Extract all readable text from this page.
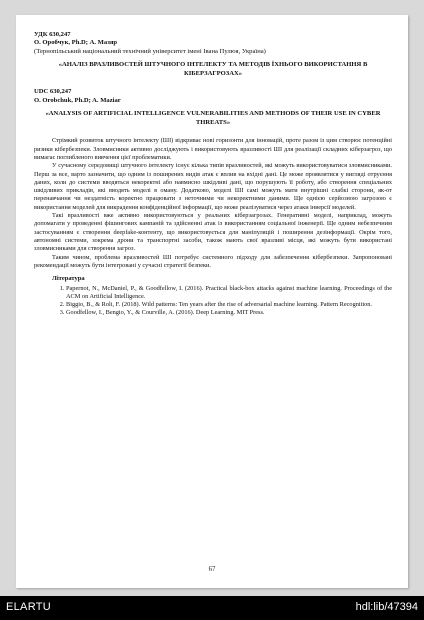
УДК 630,247
О. Оробчук, Ph.D; А. Мазяр
(Тернопільський національний технічний університет імені Івана Пулюя, Україна)
«АНАЛІЗ ВРАЗЛИВОСТЕЙ ШТУЧНОГО ІНТЕЛЕКТУ ТА МЕТОДІВ ЇХНЬОГО ВИКОРИСТАННЯ В КІБЕРЗАГРОЗАХ»
UDC 630,247
O. Orobchuk, Ph.D; A. Maziar
«ANALYSIS OF ARTIFICIAL INTELLIGENCE VULNERABILITIES AND METHODS OF THEIR USE IN CYBER THREATS»

Стрімкий розвиток штучного інтелекту (ШІ) відкриває нові горизонти для інновацій, проте разом із цим створює потенційні ризики кібербезпеки. Зловмисники активно досліджують і використовують вразливості ШІ для реалізації складних кіберзагроз, що вимагає поглибленого вивчення цієї проблематики.

У сучасному середовищі штучного інтелекту існує кілька типів вразливостей, які можуть використовуватися зловмисниками. Перш за все, варто зазначити, що одним із поширених видів атак є вплив на вхідні дані. Це може проявлятися у вигляді отруєння даних, коли до системи вводяться некоректні або навмисно шкідливі дані, що порушують її роботу, або створення спеціальних шкідливих прикладів, які вводять моделі в оману. Додатково, моделі ШІ самі можуть мати внутрішні слабкі сторони, як-от перенавчання чи нездатність коректно працювати з неточними чи некоректними даними. Ще однією серйозною загрозою є використання моделей для викрадення конфіденційної інформації, що може реалізуватися через атаки інверсії моделей.

Такі вразливості вже активно використовуються у реальних кіберзагрозах. Генеративні моделі, наприклад, можуть допомагати у проведенні фішингових кампаній та здійсненні атак із використанням соціальної інженерії. Ще одним небезпечним застосуванням є створення deepfake-контенту, що використовується для маніпуляцій і поширення дезінформації. Окрім того, автономні системи, зокрема дрони та транспортні засоби, також мають свої вразливі місця, які можуть бути використані зловмисниками для створення загроз.

Таким чином, проблема вразливостей ШІ потребує системного підходу для забезпечення кібербезпеки. Запропоновані рекомендації можуть бути інтегровані у сучасні стратегії безпеки.

Література
1. Papernot, N., McDaniel, P., & Goodfellow, I. (2016). Practical black-box attacks against machine learning. Proceedings of the ACM on Artificial Intelligence.
2. Biggio, B., & Roli, F. (2018). Wild patterns: Ten years after the rise of adversarial machine learning. Pattern Recognition.
3. Goodfellow, I., Bengio, Y., & Courville, A. (2016). Deep Learning. MIT Press.
67
ELARTU	hdl:lib/47394
